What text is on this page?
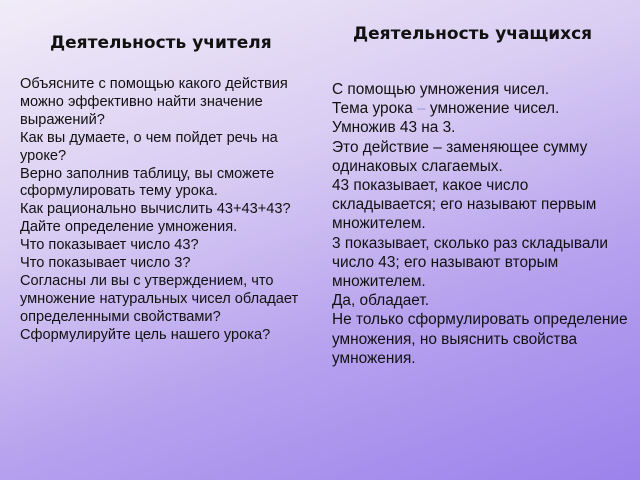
Деятельность учителя	Деятельность учащихся
Объясните с помощью какого действия можно эффективно найти значение выражений?
Как вы думаете, о чем пойдет речь на уроке?
Верно заполнив таблицу, вы сможете сформулировать тему урока.
Как рационально вычислить 43+43+43?
Дайте определение умножения.
Что показывает число 43?
Что показывает число 3?
Согласны ли вы с утверждением, что умножение натуральных чисел обладает определенными свойствами?
Сформулируйте цель нашего урока?
С помощью умножения чисел.
Тема урока – умножение чисел.
Умножив 43 на 3.
Это действие – заменяющее сумму одинаковых слагаемых.
43 показывает, какое число складывается; его называют первым множителем.
3 показывает, сколько раз складывали число 43; его называют вторым множителем.
Да, обладает.
Не только сформулировать определение умножения, но выяснить свойства умножения.
